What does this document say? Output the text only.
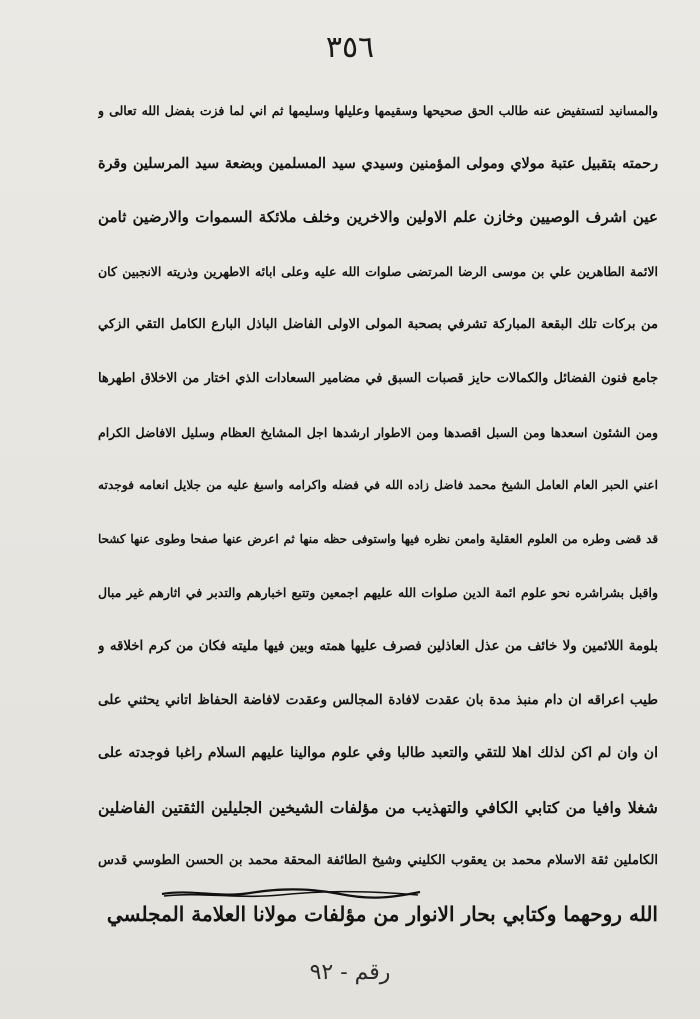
٣٥٦
والمسانيد لتستفيض عنه طالب الحق صحيحها وسقيمها وعليلها وسليمها ثم اني لما فزت بفضل الله تعالى و
رحمته بتقبيل عتبة مولاي ومولى المؤمنين وسيدي سيد المسلمين وبضعة سيد المرسلين وقرة
عين اشرف الوصيين وخازن علم الاولين والاخرين وخلف ملائكة السموات والارضين ثامن
الائمة الطاهرين علي بن موسى الرضا المرتضى صلوات الله عليه وعلى ابائه الاطهرين وذريته الانجبين كان
من بركات تلك البقعة المباركة تشرفي بصحبة المولى الاولى الفاضل الباذل البارع الكامل التقي الزكي
جامع فنون الفضائل والكمالات حايز قصبات السبق في مضامير السعادات الذي اختار من الاخلاق اطهرها
ومن الشئون اسعدها ومن السبل اقصدها ومن الاطوار ارشدها اجل المشايخ العظام وسليل الافاضل الكرام
اعني الحبر العام العامل الشيخ محمد فاضل زاده الله في فضله واكرامه واسبغ عليه من جلايل انعامه فوجدته
قد قضى وطره من العلوم العقلية وامعن نظره فيها واستوفى حظه منها ثم اعرض عنها صفحا وطوى عنها كشحا
واقبل بشراشره نحو علوم ائمة الدين صلوات الله عليهم اجمعين وتتبع اخبارهم والتدبر في اثارهم غير مبال
بلومة اللائمين ولا خائف من عذل العاذلين فصرف عليها همته وبين فيها مليته فكان من كرم اخلاقه و
طيب اعراقه ان دام منبذ مدة بان عقدت لافادة المجالس وعقدت لافاضة الحفاظ اتاني يحثني على
ان وان لم اكن لذلك اهلا للتقي والتعبد طالبا وفي علوم موالينا عليهم السلام راغبا فوجدته على
شغلا وافيا من كتابي الكافي والتهذيب من مؤلفات الشيخين الجليلين الثقتين الفاضلين
الكاملين ثقة الاسلام محمد بن يعقوب الكليني وشيخ الطائفة المحقة محمد بن الحسن الطوسي قدس
الله روحهما وكتابي بحار الانوار من مؤلفات مولانا العلامة المجلسي
رقم - ٩٢
